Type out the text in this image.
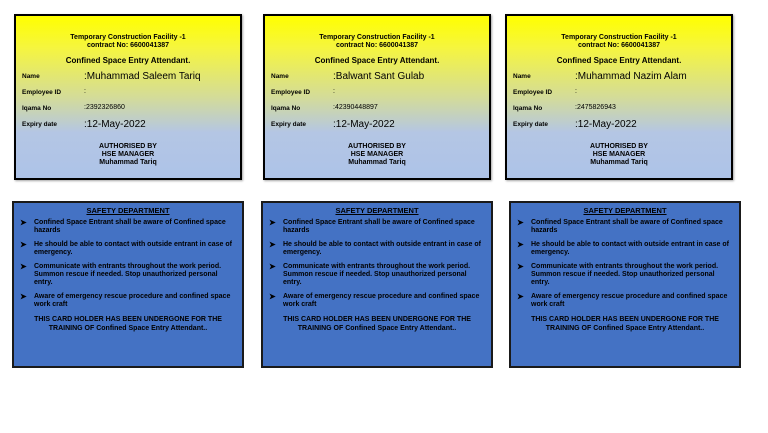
Temporary Construction Facility -1
contract No: 6600041387
Confined Space Entry Attendant.
Name	:Muhammad Saleem Tariq
Employee ID	:
Iqama No	:2392326860
Expiry date	:12-May-2022
AUTHORISED BY
HSE MANAGER
Muhammad Tariq
SAFETY DEPARTMENT
➤ Confined Space Entrant shall be aware of Confined space hazards
➤ He should be able to contact with outside entrant in case of emergency.
➤ Communicate with entrants throughout the work period. Summon rescue if needed. Stop unauthorized personal entry.
➤ Aware of emergency rescue procedure and confined space work craft
THIS CARD HOLDER HAS BEEN UNDERGONE FOR THE TRAINING OF Confined Space Entry Attendant..
Temporary Construction Facility -1
contract No: 6600041387
Confined Space Entry Attendant.
Name	:Balwant Sant Gulab
Employee ID	:
Iqama No	:42390448897
Expiry date	:12-May-2022
AUTHORISED BY
HSE MANAGER
Muhammad Tariq
SAFETY DEPARTMENT
➤ Confined Space Entrant shall be aware of Confined space hazards
➤ He should be able to contact with outside entrant in case of emergency.
➤ Communicate with entrants throughout the work period. Summon rescue if needed. Stop unauthorized personal entry.
➤ Aware of emergency rescue procedure and confined space work craft
THIS CARD HOLDER HAS BEEN UNDERGONE FOR THE TRAINING OF Confined Space Entry Attendant..
Temporary Construction Facility -1
contract No: 6600041387
Confined Space Entry Attendant.
Name	:Muhammad Nazim Alam
Employee ID	:
Iqama No	:2475826943
Expiry date	:12-May-2022
AUTHORISED BY
HSE MANAGER
Muhammad Tariq
SAFETY DEPARTMENT
➤ Confined Space Entrant shall be aware of Confined space hazards
➤ He should be able to contact with outside entrant in case of emergency.
➤ Communicate with entrants throughout the work period. Summon rescue if needed. Stop unauthorized personal entry.
➤ Aware of emergency rescue procedure and confined space work craft
THIS CARD HOLDER HAS BEEN UNDERGONE FOR THE TRAINING OF Confined Space Entry Attendant..
